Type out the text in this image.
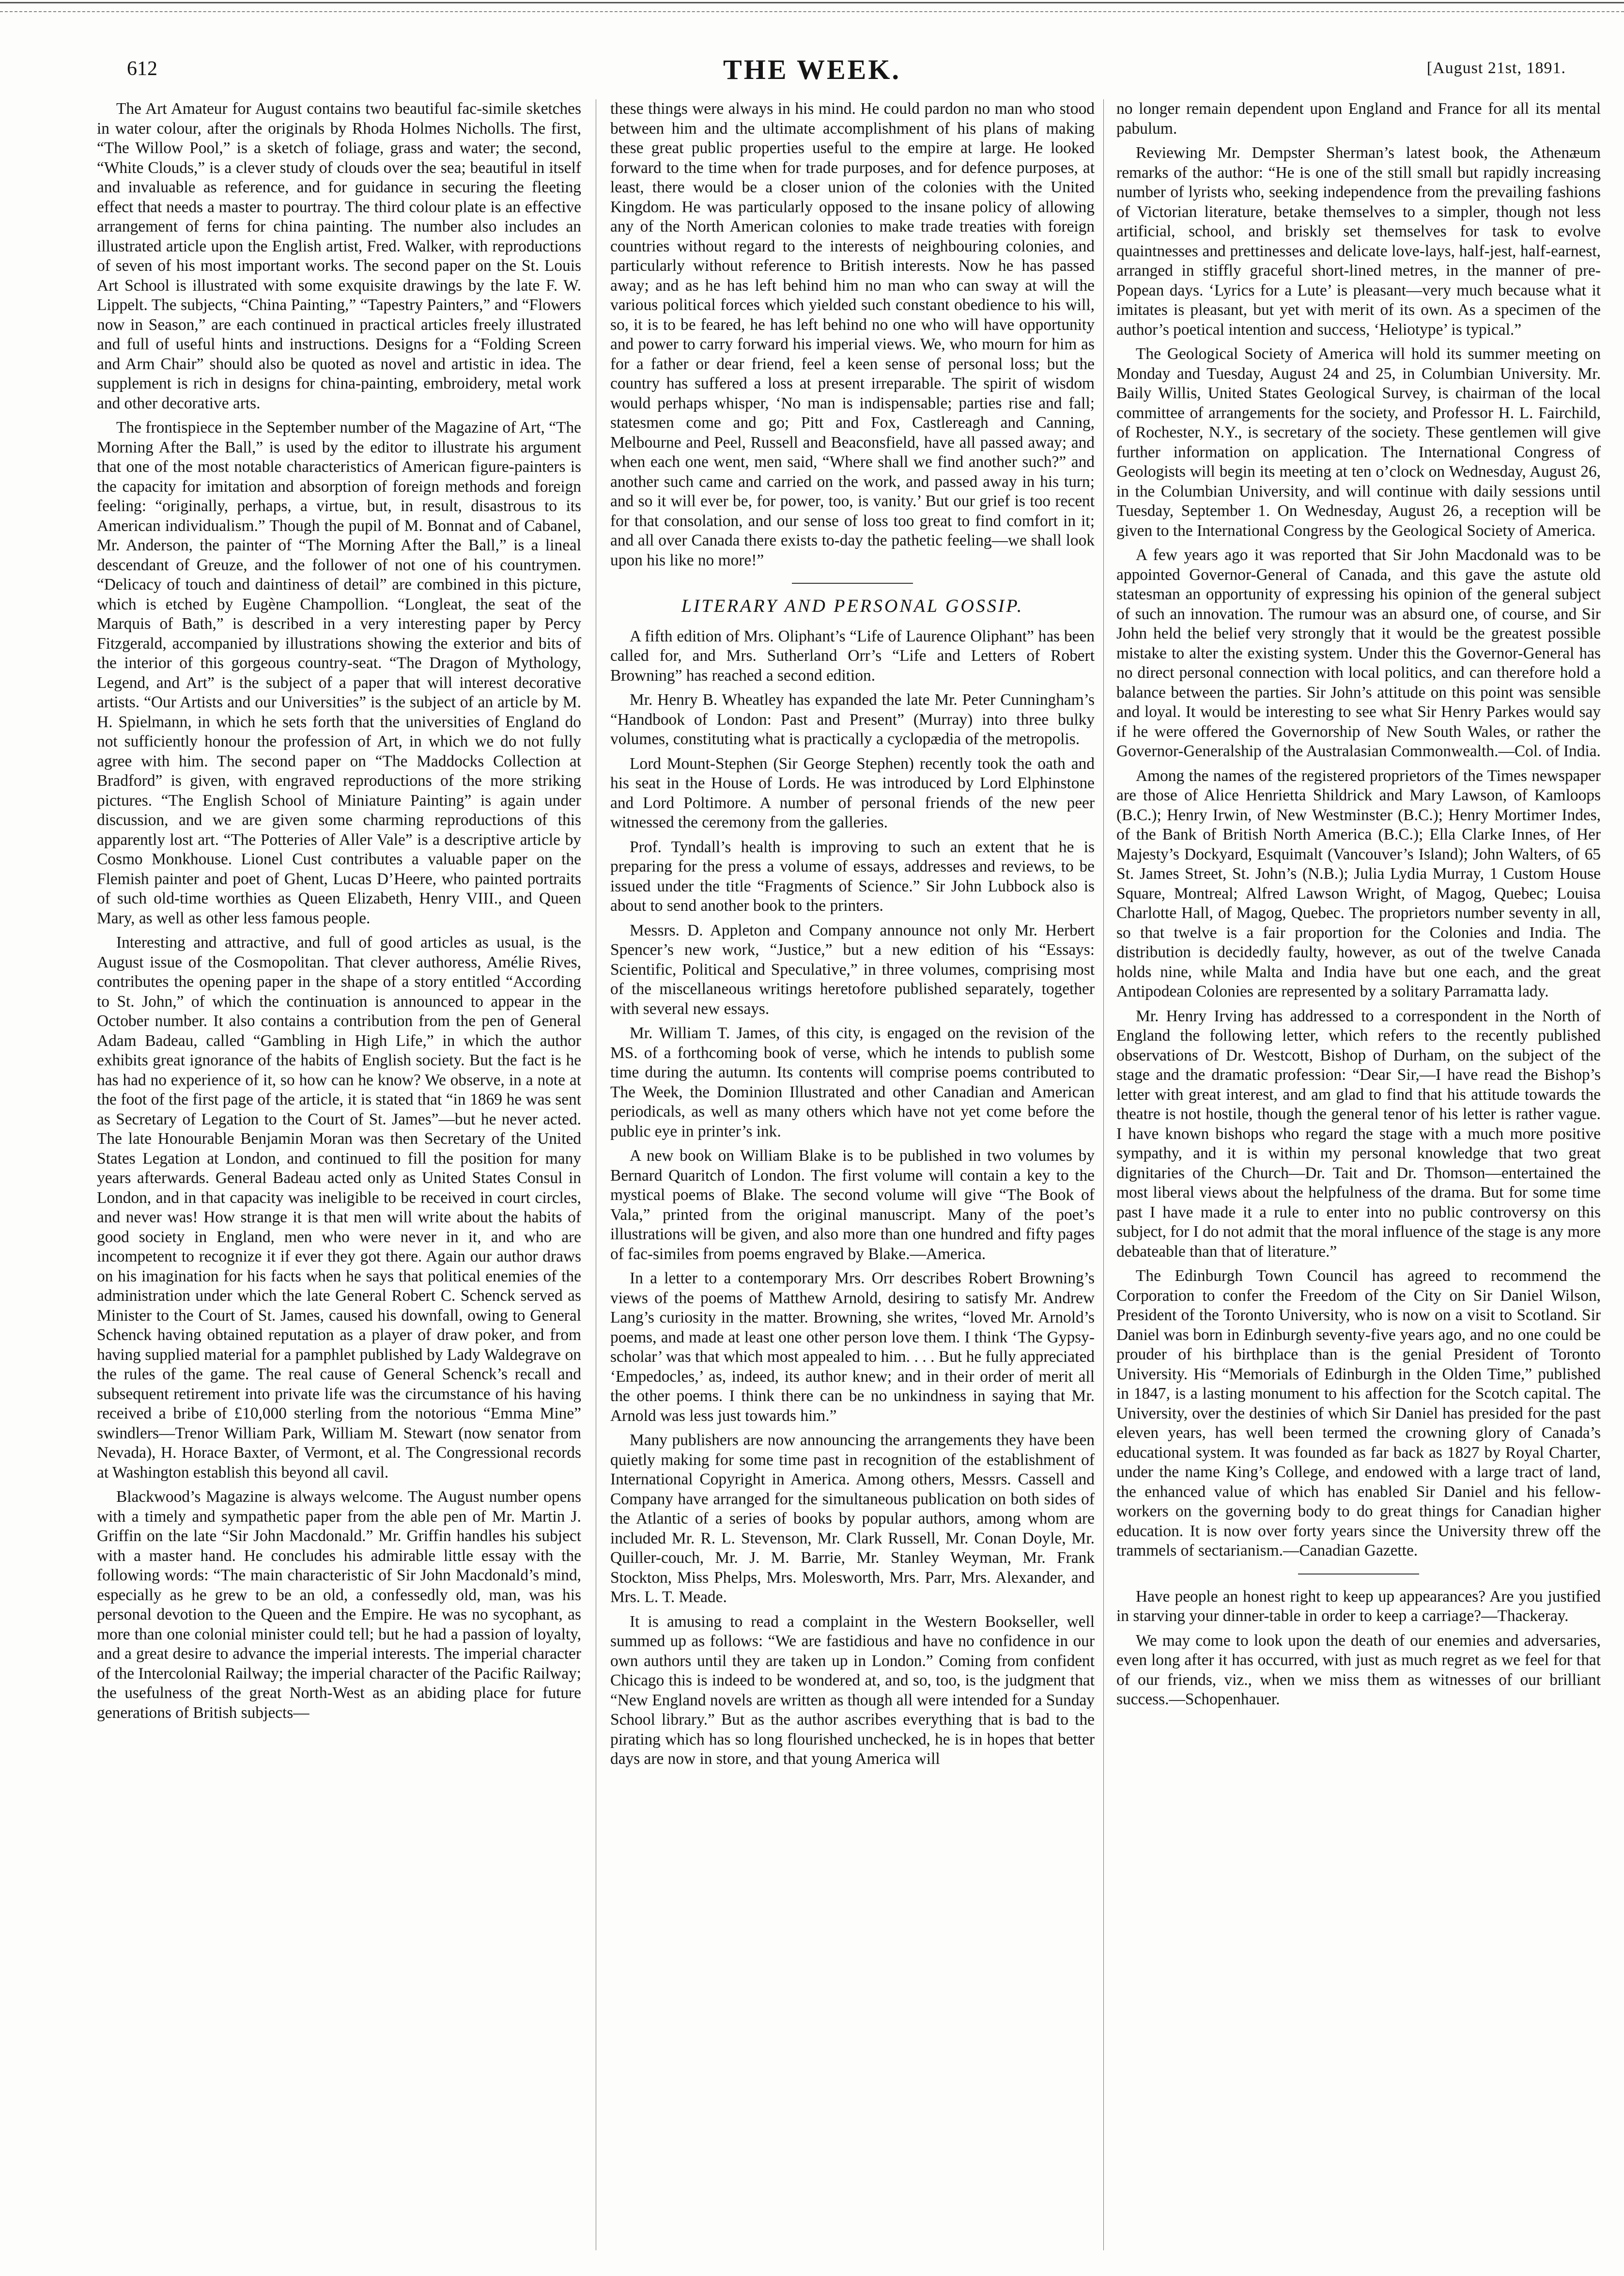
612	THE WEEK.	[August 21st, 1891.

The Art Amateur for August contains two beautiful fac-simile sketches in water colour, after the originals by Rhoda Holmes Nicholls. The first, “The Willow Pool,” is a sketch of foliage, grass and water; the second, “White Clouds,” is a clever study of clouds over the sea; beautiful in itself and invaluable as reference, and for guidance in securing the fleeting effect that needs a master to pourtray. The third colour plate is an effective arrangement of ferns for china painting. The number also includes an illustrated article upon the English artist, Fred. Walker, with reproductions of seven of his most important works. The second paper on the St. Louis Art School is illustrated with some exquisite drawings by the late F. W. Lippelt. The subjects, “China Painting,” “Tapestry Painters,” and “Flowers now in Season,” are each continued in practical articles freely illustrated and full of useful hints and instructions. Designs for a “Folding Screen and Arm Chair” should also be quoted as novel and artistic in idea. The supplement is rich in designs for china-painting, embroidery, metal work and other decorative arts.

The frontispiece in the September number of the Magazine of Art, “The Morning After the Ball,” is used by the editor to illustrate his argument that one of the most notable characteristics of American figure-painters is the capacity for imitation and absorption of foreign methods and foreign feeling: “originally, perhaps, a virtue, but, in result, disastrous to its American individualism.” Though the pupil of M. Bonnat and of Cabanel, Mr. Anderson, the painter of “The Morning After the Ball,” is a lineal descendant of Greuze, and the follower of not one of his countrymen. “Delicacy of touch and daintiness of detail” are combined in this picture, which is etched by Eugène Champollion. “Longleat, the seat of the Marquis of Bath,” is described in a very interesting paper by Percy Fitzgerald, accompanied by illustrations showing the exterior and bits of the interior of this gorgeous country-seat. “The Dragon of Mythology, Legend, and Art” is the subject of a paper that will interest decorative artists. “Our Artists and our Universities” is the subject of an article by M. H. Spielmann, in which he sets forth that the universities of England do not sufficiently honour the profession of Art, in which we do not fully agree with him. The second paper on “The Maddocks Collection at Bradford” is given, with engraved reproductions of the more striking pictures. “The English School of Miniature Painting” is again under discussion, and we are given some charming reproductions of this apparently lost art. “The Potteries of Aller Vale” is a descriptive article by Cosmo Monkhouse. Lionel Cust contributes a valuable paper on the Flemish painter and poet of Ghent, Lucas D’Heere, who painted portraits of such old-time worthies as Queen Elizabeth, Henry VIII., and Queen Mary, as well as other less famous people.

Interesting and attractive, and full of good articles as usual, is the August issue of the Cosmopolitan. That clever authoress, Amélie Rives, contributes the opening paper in the shape of a story entitled “According to St. John,” of which the continuation is announced to appear in the October number. It also contains a contribution from the pen of General Adam Badeau, called “Gambling in High Life,” in which the author exhibits great ignorance of the habits of English society. But the fact is he has had no experience of it, so how can he know? We observe, in a note at the foot of the first page of the article, it is stated that “in 1869 he was sent as Secretary of Legation to the Court of St. James”—but he never acted. The late Honourable Benjamin Moran was then Secretary of the United States Legation at London, and continued to fill the position for many years afterwards. General Badeau acted only as United States Consul in London, and in that capacity was ineligible to be received in court circles, and never was! How strange it is that men will write about the habits of good society in England, men who were never in it, and who are incompetent to recognize it if ever they got there. Again our author draws on his imagination for his facts when he says that political enemies of the administration under which the late General Robert C. Schenck served as Minister to the Court of St. James, caused his downfall, owing to General Schenck having obtained reputation as a player of draw poker, and from having supplied material for a pamphlet published by Lady Waldegrave on the rules of the game. The real cause of General Schenck’s recall and subsequent retirement into private life was the circumstance of his having received a bribe of £10,000 sterling from the notorious “Emma Mine” swindlers—Trenor William Park, William M. Stewart (now senator from Nevada), H. Horace Baxter, of Vermont, et al. The Congressional records at Washington establish this beyond all cavil.

Blackwood’s Magazine is always welcome. The August number opens with a timely and sympathetic paper from the able pen of Mr. Martin J. Griffin on the late “Sir John Macdonald.” Mr. Griffin handles his subject with a master hand. He concludes his admirable little essay with the following words: “The main characteristic of Sir John Macdonald’s mind, especially as he grew to be an old, a confessedly old, man, was his personal devotion to the Queen and the Empire. He was no sycophant, as more than one colonial minister could tell; but he had a passion of loyalty, and a great desire to advance the imperial interests. The imperial character of the Intercolonial Railway; the imperial character of the Pacific Railway; the usefulness of the great North-West as an abiding place for future generations of British subjects—

these things were always in his mind. He could pardon no man who stood between him and the ultimate accomplishment of his plans of making these great public properties useful to the empire at large. He looked forward to the time when for trade purposes, and for defence purposes, at least, there would be a closer union of the colonies with the United Kingdom. He was particularly opposed to the insane policy of allowing any of the North American colonies to make trade treaties with foreign countries without regard to the interests of neighbouring colonies, and particularly without reference to British interests. Now he has passed away; and as he has left behind him no man who can sway at will the various political forces which yielded such constant obedience to his will, so, it is to be feared, he has left behind no one who will have opportunity and power to carry forward his imperial views. We, who mourn for him as for a father or dear friend, feel a keen sense of personal loss; but the country has suffered a loss at present irreparable. The spirit of wisdom would perhaps whisper, ‘No man is indispensable; parties rise and fall; statesmen come and go; Pitt and Fox, Castlereagh and Canning, Melbourne and Peel, Russell and Beaconsfield, have all passed away; and when each one went, men said, “Where shall we find another such?” and another such came and carried on the work, and passed away in his turn; and so it will ever be, for power, too, is vanity.’ But our grief is too recent for that consolation, and our sense of loss too great to find comfort in it; and all over Canada there exists to-day the pathetic feeling—we shall look upon his like no more!”

LITERARY AND PERSONAL GOSSIP.

A fifth edition of Mrs. Oliphant’s “Life of Laurence Oliphant” has been called for, and Mrs. Sutherland Orr’s “Life and Letters of Robert Browning” has reached a second edition.

Mr. Henry B. Wheatley has expanded the late Mr. Peter Cunningham’s “Handbook of London: Past and Present” (Murray) into three bulky volumes, constituting what is practically a cyclopædia of the metropolis.

Lord Mount-Stephen (Sir George Stephen) recently took the oath and his seat in the House of Lords. He was introduced by Lord Elphinstone and Lord Poltimore. A number of personal friends of the new peer witnessed the ceremony from the galleries.

Prof. Tyndall’s health is improving to such an extent that he is preparing for the press a volume of essays, addresses and reviews, to be issued under the title “Fragments of Science.” Sir John Lubbock also is about to send another book to the printers.

Messrs. D. Appleton and Company announce not only Mr. Herbert Spencer’s new work, “Justice,” but a new edition of his “Essays: Scientific, Political and Speculative,” in three volumes, comprising most of the miscellaneous writings heretofore published separately, together with several new essays.

Mr. William T. James, of this city, is engaged on the revision of the MS. of a forthcoming book of verse, which he intends to publish some time during the autumn. Its contents will comprise poems contributed to The Week, the Dominion Illustrated and other Canadian and American periodicals, as well as many others which have not yet come before the public eye in printer’s ink.

A new book on William Blake is to be published in two volumes by Bernard Quaritch of London. The first volume will contain a key to the mystical poems of Blake. The second volume will give “The Book of Vala,” printed from the original manuscript. Many of the poet’s illustrations will be given, and also more than one hundred and fifty pages of fac-similes from poems engraved by Blake.—America.

In a letter to a contemporary Mrs. Orr describes Robert Browning’s views of the poems of Matthew Arnold, desiring to satisfy Mr. Andrew Lang’s curiosity in the matter. Browning, she writes, “loved Mr. Arnold’s poems, and made at least one other person love them. I think ‘The Gypsy-scholar’ was that which most appealed to him. . . . But he fully appreciated ‘Empedocles,’ as, indeed, its author knew; and in their order of merit all the other poems. I think there can be no unkindness in saying that Mr. Arnold was less just towards him.”

Many publishers are now announcing the arrangements they have been quietly making for some time past in recognition of the establishment of International Copyright in America. Among others, Messrs. Cassell and Company have arranged for the simultaneous publication on both sides of the Atlantic of a series of books by popular authors, among whom are included Mr. R. L. Stevenson, Mr. Clark Russell, Mr. Conan Doyle, Mr. Quiller-couch, Mr. J. M. Barrie, Mr. Stanley Weyman, Mr. Frank Stockton, Miss Phelps, Mrs. Molesworth, Mrs. Parr, Mrs. Alexander, and Mrs. L. T. Meade.

It is amusing to read a complaint in the Western Bookseller, well summed up as follows: “We are fastidious and have no confidence in our own authors until they are taken up in London.” Coming from confident Chicago this is indeed to be wondered at, and so, too, is the judgment that “New England novels are written as though all were intended for a Sunday School library.” But as the author ascribes everything that is bad to the pirating which has so long flourished unchecked, he is in hopes that better days are now in store, and that young America will

no longer remain dependent upon England and France for all its mental pabulum.

Reviewing Mr. Dempster Sherman’s latest book, the Athenæum remarks of the author: “He is one of the still small but rapidly increasing number of lyrists who, seeking independence from the prevailing fashions of Victorian literature, betake themselves to a simpler, though not less artificial, school, and briskly set themselves for task to evolve quaintnesses and prettinesses and delicate love-lays, half-jest, half-earnest, arranged in stiffly graceful short-lined metres, in the manner of pre-Popean days. ‘Lyrics for a Lute’ is pleasant—very much because what it imitates is pleasant, but yet with merit of its own. As a specimen of the author’s poetical intention and success, ‘Heliotype’ is typical.”

The Geological Society of America will hold its summer meeting on Monday and Tuesday, August 24 and 25, in Columbian University. Mr. Baily Willis, United States Geological Survey, is chairman of the local committee of arrangements for the society, and Professor H. L. Fairchild, of Rochester, N.Y., is secretary of the society. These gentlemen will give further information on application. The International Congress of Geologists will begin its meeting at ten o’clock on Wednesday, August 26, in the Columbian University, and will continue with daily sessions until Tuesday, September 1. On Wednesday, August 26, a reception will be given to the International Congress by the Geological Society of America.

A few years ago it was reported that Sir John Macdonald was to be appointed Governor-General of Canada, and this gave the astute old statesman an opportunity of expressing his opinion of the general subject of such an innovation. The rumour was an absurd one, of course, and Sir John held the belief very strongly that it would be the greatest possible mistake to alter the existing system. Under this the Governor-General has no direct personal connection with local politics, and can therefore hold a balance between the parties. Sir John’s attitude on this point was sensible and loyal. It would be interesting to see what Sir Henry Parkes would say if he were offered the Governorship of New South Wales, or rather the Governor-Generalship of the Australasian Commonwealth.—Col. of India.

Among the names of the registered proprietors of the Times newspaper are those of Alice Henrietta Shildrick and Mary Lawson, of Kamloops (B.C.); Henry Irwin, of New Westminster (B.C.); Henry Mortimer Indes, of the Bank of British North America (B.C.); Ella Clarke Innes, of Her Majesty’s Dockyard, Esquimalt (Vancouver’s Island); John Walters, of 65 St. James Street, St. John’s (N.B.); Julia Lydia Murray, 1 Custom House Square, Montreal; Alfred Lawson Wright, of Magog, Quebec; Louisa Charlotte Hall, of Magog, Quebec. The proprietors number seventy in all, so that twelve is a fair proportion for the Colonies and India. The distribution is decidedly faulty, however, as out of the twelve Canada holds nine, while Malta and India have but one each, and the great Antipodean Colonies are represented by a solitary Parramatta lady.

Mr. Henry Irving has addressed to a correspondent in the North of England the following letter, which refers to the recently published observations of Dr. Westcott, Bishop of Durham, on the subject of the stage and the dramatic profession: “Dear Sir,—I have read the Bishop’s letter with great interest, and am glad to find that his attitude towards the theatre is not hostile, though the general tenor of his letter is rather vague. I have known bishops who regard the stage with a much more positive sympathy, and it is within my personal knowledge that two great dignitaries of the Church—Dr. Tait and Dr. Thomson—entertained the most liberal views about the helpfulness of the drama. But for some time past I have made it a rule to enter into no public controversy on this subject, for I do not admit that the moral influence of the stage is any more debateable than that of literature.”

The Edinburgh Town Council has agreed to recommend the Corporation to confer the Freedom of the City on Sir Daniel Wilson, President of the Toronto University, who is now on a visit to Scotland. Sir Daniel was born in Edinburgh seventy-five years ago, and no one could be prouder of his birthplace than is the genial President of Toronto University. His “Memorials of Edinburgh in the Olden Time,” published in 1847, is a lasting monument to his affection for the Scotch capital. The University, over the destinies of which Sir Daniel has presided for the past eleven years, has well been termed the crowning glory of Canada’s educational system. It was founded as far back as 1827 by Royal Charter, under the name King’s College, and endowed with a large tract of land, the enhanced value of which has enabled Sir Daniel and his fellow-workers on the governing body to do great things for Canadian higher education. It is now over forty years since the University threw off the trammels of sectarianism.—Canadian Gazette.

Have people an honest right to keep up appearances? Are you justified in starving your dinner-table in order to keep a carriage?—Thackeray.

We may come to look upon the death of our enemies and adversaries, even long after it has occurred, with just as much regret as we feel for that of our friends, viz., when we miss them as witnesses of our brilliant success.—Schopenhauer.
